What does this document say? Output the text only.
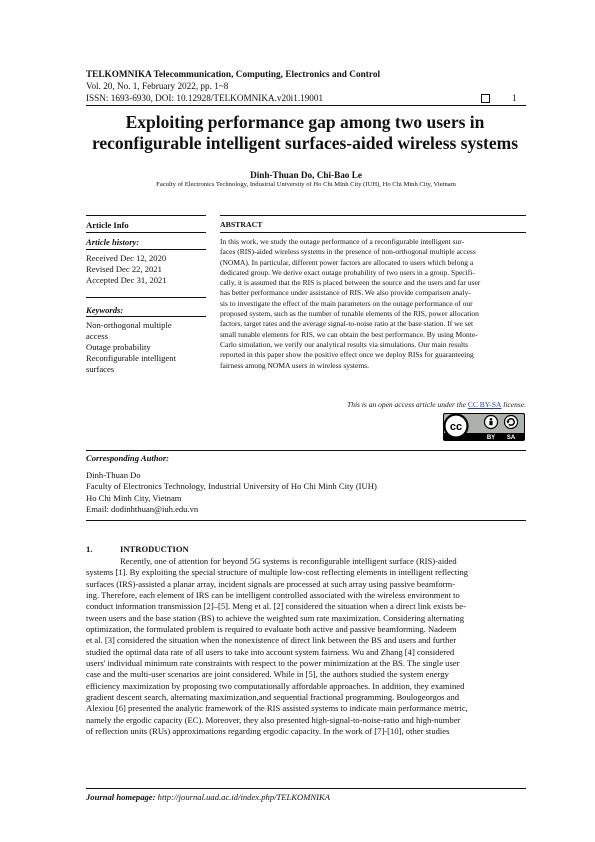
TELKOMNIKA Telecommunication, Computing, Electronics and Control
Vol. 20, No. 1, February 2022, pp. 1~8
ISSN: 1693-6930, DOI: 10.12928/TELKOMNIKA.v20i1.19001	1
Exploiting performance gap among two users in
reconfigurable intelligent surfaces-aided wireless systems
Dinh-Thuan Do, Chi-Bao Le
Faculty of Electronics Technology, Industrial University of Ho Chi Minh City (IUH), Ho Chi Minh City, Vietnam
Article Info	ABSTRACT
Article history:
Received Dec 12, 2020
Revised Dec 22, 2021
Accepted Dec 31, 2021
Keywords:
Non-orthogonal multiple
access
Outage probability
Reconfigurable intelligent
surfaces
In this work, we study the outage performance of a reconfigurable intelligent sur-
faces (RIS)-aided wireless systems in the presence of non-orthogonal multiple access
(NOMA). In particular, different power factors are allocated to users which belong a
dedicated group. We derive exact outage probability of two users in a group. Specifi-
cally, it is assumed that the RIS is placed between the source and the users and far user
has better performance under assistance of RIS. We also provide comparison analy-
sis to investigate the effect of the main parameters on the outage performance of our
proposed system, such as the number of tunable elements of the RIS, power allocation
factors, target rates and the average signal-to-noise ratio at the base station. If we set
small tunable elements for RIS, we can obtain the best performance. By using Monte-
Carlo simulation, we verify our analytical results via simulations. Our main results
reported in this paper show the positive effect once we deploy RISs for guaranteeing
fairness among NOMA users in wireless systems.
This is an open access article under the CC BY-SA license.
cc
BY SA
Corresponding Author:
Dinh-Thuan Do
Faculty of Electronics Technology, Industrial University of Ho Chi Minh City (IUH)
Ho Chi Minh City, Vietnam
Email: dodinhthuan@iuh.edu.vn
1.	INTRODUCTION
Recently, one of attention for beyond 5G systems is reconfigurable intelligent surface (RIS)-aided
systems [1]. By exploiting the special structure of multiple low-cost reflecting elements in intelligent reflecting
surfaces (IRS)-assisted a planar array, incident signals are processed at such array using passive beamform-
ing. Therefore, each element of IRS can be intelligent controlled associated with the wireless environment to
conduct information transmission [2]–[5]. Meng et al. [2] considered the situation when a direct link exists be-
tween users and the base station (BS) to achieve the weighted sum rate maximization. Considering alternating
optimization, the formulated problem is required to evaluate both active and passive beamforming. Nadeem
et al. [3] considered the situation when the nonexistence of direct link between the BS and users and further
studied the optimal data rate of all users to take into account system fairness. Wu and Zhang [4] considered
users' individual minimum rate constraints with respect to the power minimization at the BS. The single user
case and the multi-user scenarios are joint considered. While in [5], the authors studied the system energy
efficiency maximization by proposing two computationally affordable approaches. In addition, they examined
gradient descent search, alternating maximization,and sequential fractional programming. Boulogeorgos and
Alexiou [6] presented the analytic framework of the RIS assisted systems to indicate main performance metric,
namely the ergodic capacity (EC). Moreover, they also presented high-signal-to-noise-ratio and high-number
of reflection units (RUs) approximations regarding ergodic capacity. In the work of [7]-[10], other studies
Journal homepage: http://journal.uad.ac.id/index.php/TELKOMNIKA
